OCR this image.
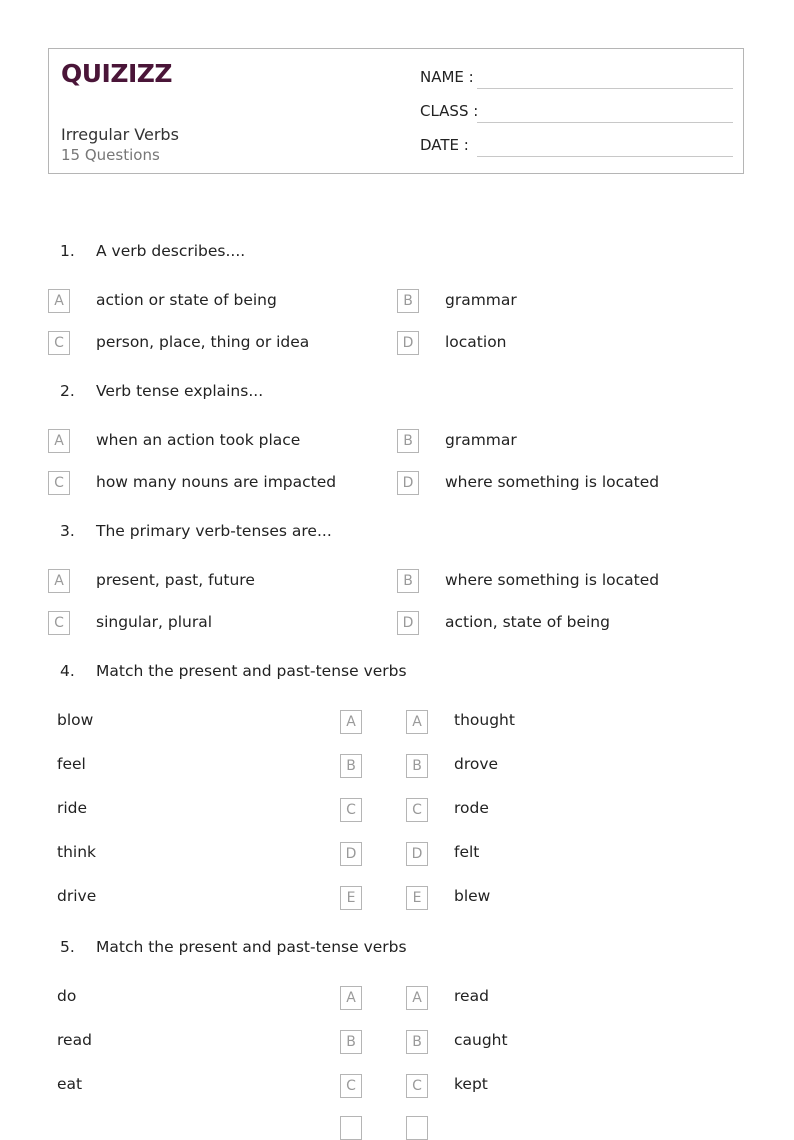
QUIZIZZ
Irregular Verbs
15 Questions
NAME :
CLASS :
DATE :
1. A verb describes....
A	action or state of being	B	grammar
C	person, place, thing or idea	D	location
2. Verb tense explains...
A	when an action took place	B	grammar
C	how many nouns are impacted	D	where something is located
3. The primary verb-tenses are...
A	present, past, future	B	where something is located
C	singular, plural	D	action, state of being
4. Match the present and past-tense verbs
blow	A	A	thought
feel	B	B	drove
ride	C	C	rode
think	D	D	felt
drive	E	E	blew
5. Match the present and past-tense verbs
do	A	A	read
read	B	B	caught
eat	C	C	kept
